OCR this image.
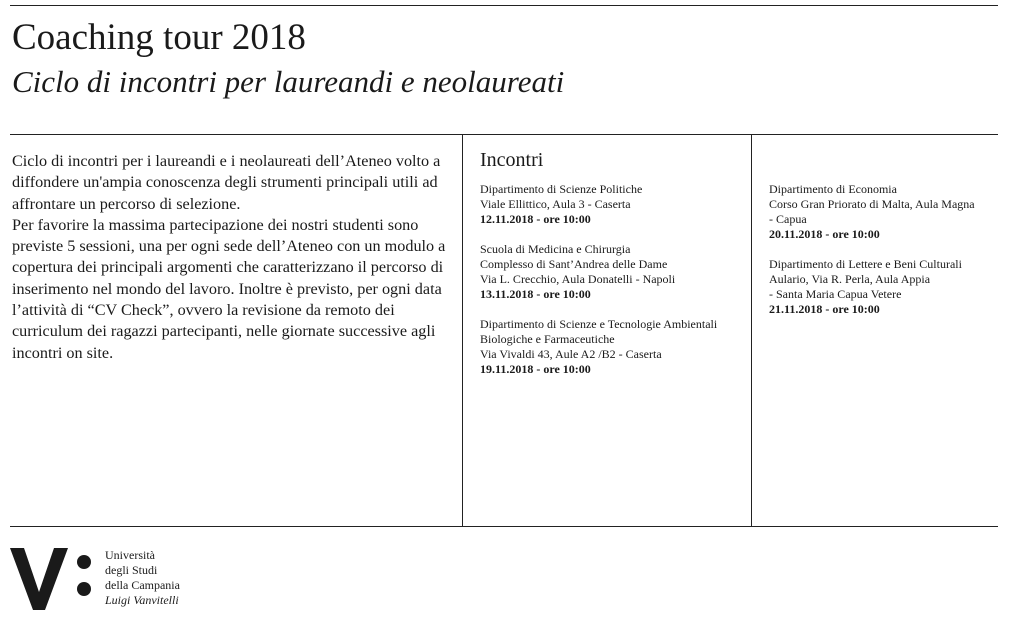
Coaching tour 2018
Ciclo di incontri per laureandi e neolaureati

Ciclo di incontri per i laureandi e i neolaureati dell’Ateneo volto a diffondere un'ampia conoscenza degli strumenti principali utili ad affrontare un percorso di selezione.

Per favorire la massima partecipazione dei nostri studenti sono previste 5 sessioni, una per ogni sede dell’Ateneo con un modulo a copertura dei principali argomenti che caratterizzano il percorso di inserimento nel mondo del lavoro. Inoltre è previsto, per ogni data l’attività di “CV Check”, ovvero la revisione da remoto dei curriculum dei ragazzi partecipanti, nelle giornate successive agli incontri on site.

Incontri
Dipartimento di Scienze Politiche
Viale Ellittico, Aula 3 - Caserta
12.11.2018 - ore 10:00
Scuola di Medicina e Chirurgia
Complesso di Sant’Andrea delle Dame
Via L. Crecchio, Aula Donatelli - Napoli
13.11.2018 - ore 10:00
Dipartimento di Scienze e Tecnologie Ambientali
Biologiche e Farmaceutiche
Via Vivaldi 43, Aule A2 /B2 - Caserta
19.11.2018 - ore 10:00
Dipartimento di Economia
Corso Gran Priorato di Malta, Aula Magna
- Capua
20.11.2018 - ore 10:00
Dipartimento di Lettere e Beni Culturali
Aulario, Via R. Perla, Aula Appia
- Santa Maria Capua Vetere
21.11.2018 - ore 10:00
Università
degli Studi
della Campania
Luigi Vanvitelli
